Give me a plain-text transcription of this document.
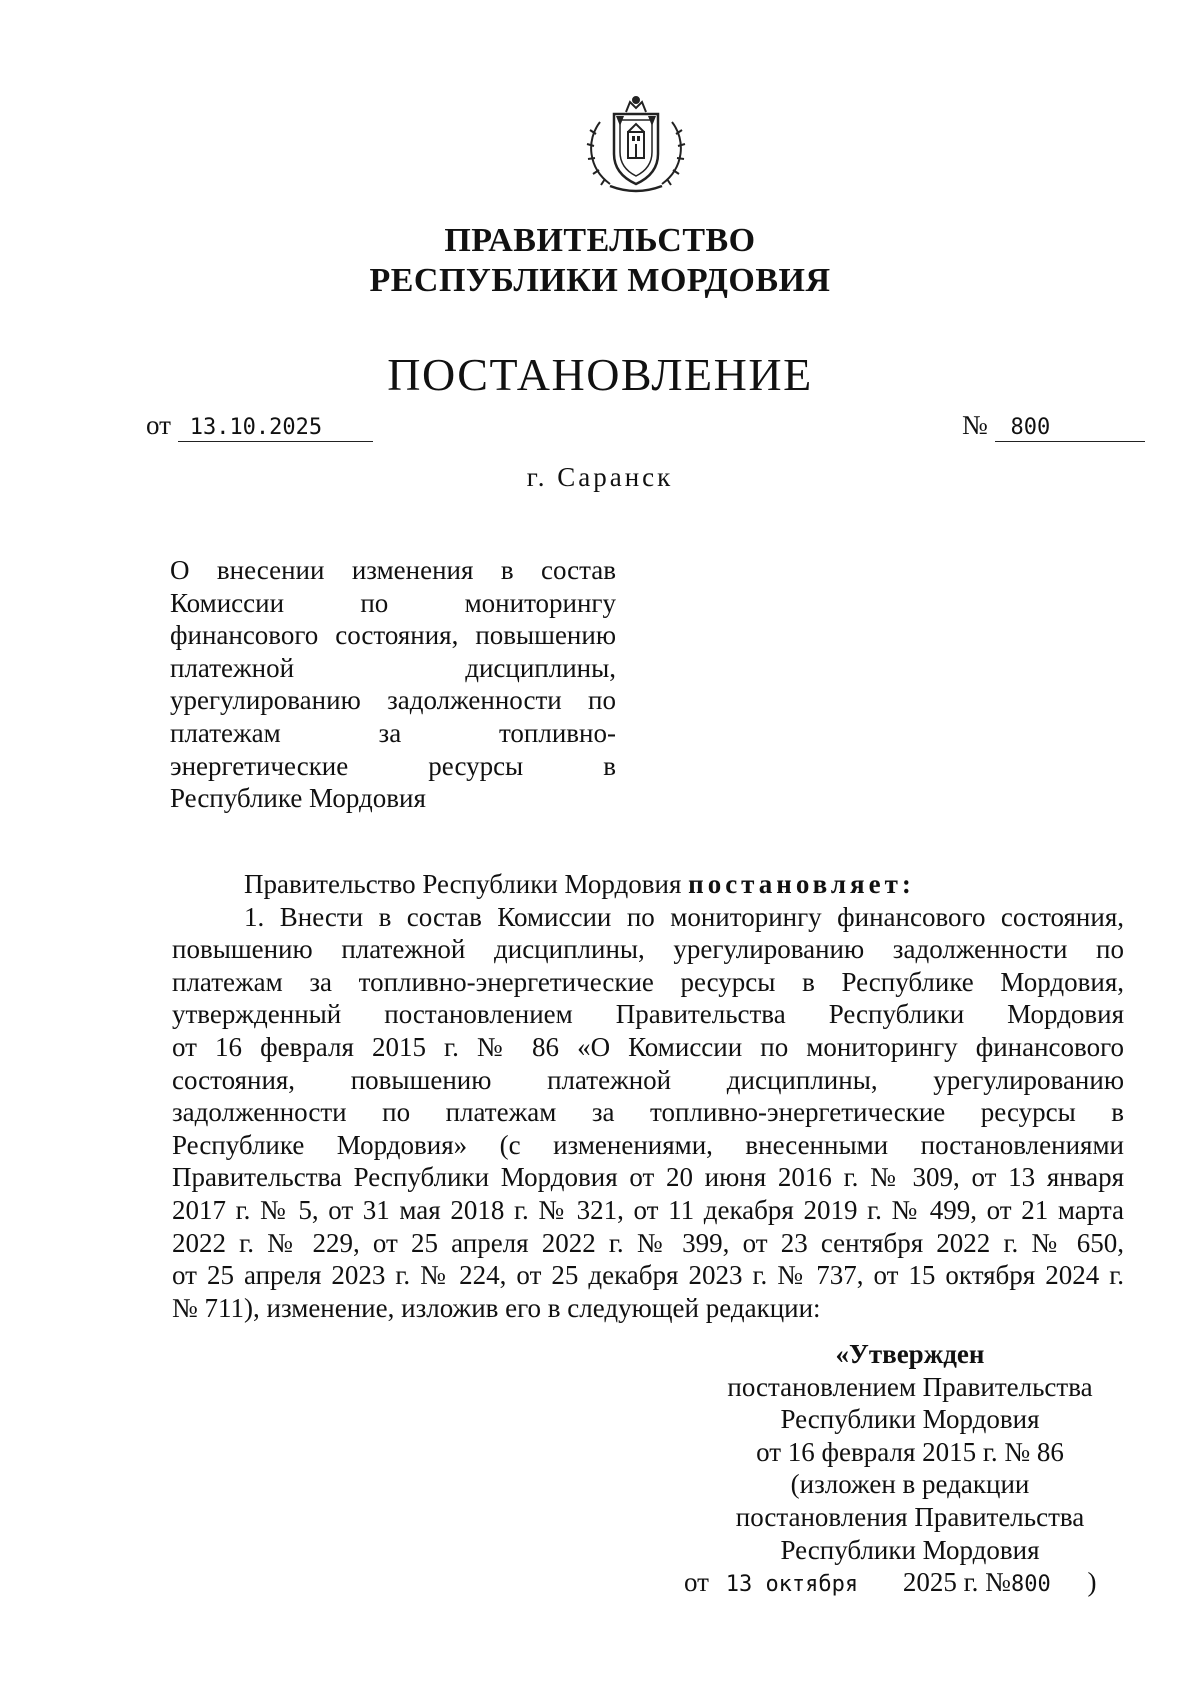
ПРАВИТЕЛЬСТВО
РЕСПУБЛИКИ МОРДОВИЯ
ПОСТАНОВЛЕНИЕ
от 13.10.2025	№ 800
г. Саранск
О внесении изменения в состав
Комиссии по мониторингу
финансового состояния, повышению
платежной дисциплины,
урегулированию задолженности по
платежам за топливно-
энергетические ресурсы в
Республике Мордовия
Правительство Республики Мордовия постановляет:
1. Внести в состав Комиссии по мониторингу финансового состояния,
повышению платежной дисциплины, урегулированию задолженности по
платежам за топливно-энергетические ресурсы в Республике Мордовия,
утвержденный постановлением Правительства Республики Мордовия
от 16 февраля 2015 г. № 86 «О Комиссии по мониторингу финансового
состояния, повышению платежной дисциплины, урегулированию
задолженности по платежам за топливно-энергетические ресурсы в
Республике Мордовия» (с изменениями, внесенными постановлениями
Правительства Республики Мордовия от 20 июня 2016 г. № 309, от 13 января
2017 г. № 5, от 31 мая 2018 г. № 321, от 11 декабря 2019 г. № 499, от 21 марта
2022 г. № 229, от 25 апреля 2022 г. № 399, от 23 сентября 2022 г. № 650,
от 25 апреля 2023 г. № 224, от 25 декабря 2023 г. № 737, от 15 октября 2024 г.
№ 711), изменение, изложив его в следующей редакции:
«Утвержден
постановлением Правительства
Республики Мордовия
от 16 февраля 2015 г. № 86
(изложен в редакции
постановления Правительства
Республики Мордовия
от 13 октября 2025 г. №800 )
